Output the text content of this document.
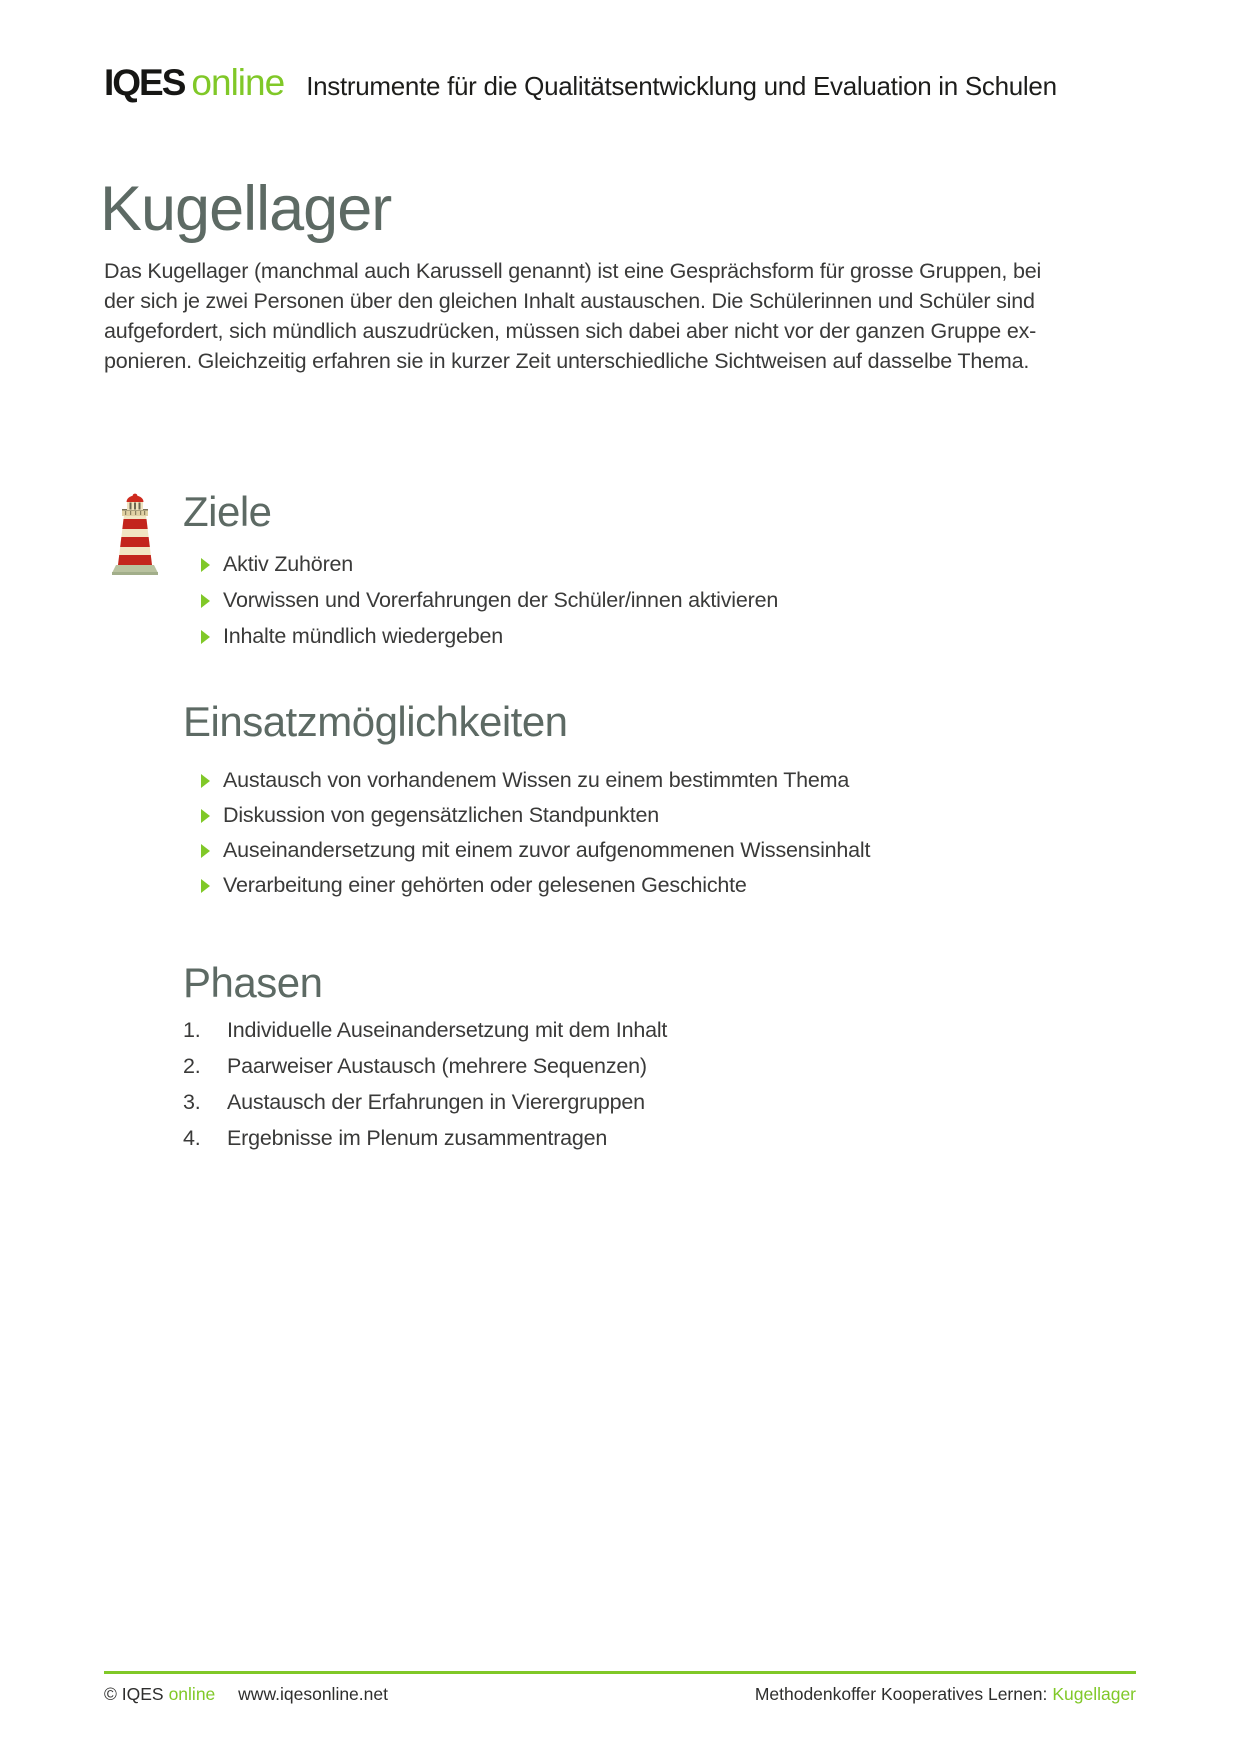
IQES online Instrumente für die Qualitätsentwicklung und Evaluation in Schulen
Kugellager
Das Kugellager (manchmal auch Karussell genannt) ist eine Gesprächsform für grosse Gruppen, bei
der sich je zwei Personen über den gleichen Inhalt austauschen. Die Schülerinnen und Schüler sind
aufgefordert, sich mündlich auszudrücken, müssen sich dabei aber nicht vor der ganzen Gruppe ex-
ponieren. Gleichzeitig erfahren sie in kurzer Zeit unterschiedliche Sichtweisen auf dasselbe Thema.
Ziele
Aktiv Zuhören
Vorwissen und Vorerfahrungen der Schüler/innen aktivieren
Inhalte mündlich wiedergeben
Einsatzmöglichkeiten
Austausch von vorhandenem Wissen zu einem bestimmten Thema
Diskussion von gegensätzlichen Standpunkten
Auseinandersetzung mit einem zuvor aufgenommenen Wissensinhalt
Verarbeitung einer gehörten oder gelesenen Geschichte
Phasen
1.	Individuelle Auseinandersetzung mit dem Inhalt
2.	Paarweiser Austausch (mehrere Sequenzen)
3.	Austausch der Erfahrungen in Vierergruppen
4.	Ergebnisse im Plenum zusammentragen
© IQES online www.iqesonline.net	Methodenkoffer Kooperatives Lernen: Kugellager
